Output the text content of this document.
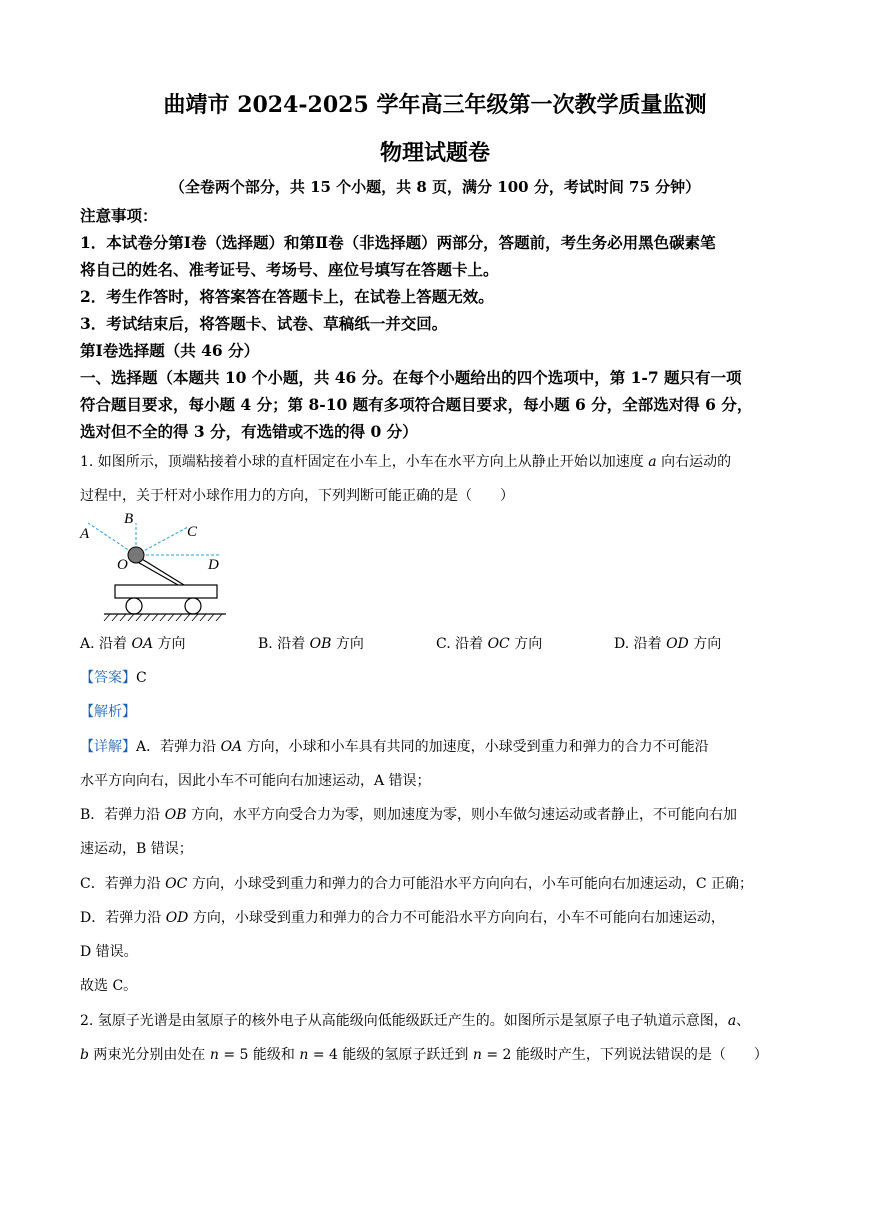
曲靖市 2024-2025 学年高三年级第一次教学质量监测
物理试题卷
（全卷两个部分，共 15 个小题，共 8 页，满分 100 分，考试时间 75 分钟）
注意事项：
1．本试卷分第Ⅰ卷（选择题）和第Ⅱ卷（非选择题）两部分，答题前，考生务必用黑色碳素笔
将自己的姓名、准考证号、考场号、座位号填写在答题卡上。
2．考生作答时，将答案答在答题卡上，在试卷上答题无效。
3．考试结束后，将答题卡、试卷、草稿纸一并交回。
第Ⅰ卷选择题（共 46 分）
一、选择题（本题共 10 个小题，共 46 分。在每个小题给出的四个选项中，第 1-7 题只有一项
符合题目要求，每小题 4 分；第 8-10 题有多项符合题目要求，每小题 6 分，全部选对得 6 分，
选对但不全的得 3 分，有选错或不选的得 0 分）
1. 如图所示，顶端粘接着小球的直杆固定在小车上，小车在水平方向上从静止开始以加速度 a 向右运动的
过程中，关于杆对小球作用力的方向，下列判断可能正确的是（　　）
A
B
C
D
O
A. 沿着 OA 方向	B. 沿着 OB 方向	C. 沿着 OC 方向	D. 沿着 OD 方向
【答案】C
【解析】
【详解】A．若弹力沿 OA 方向，小球和小车具有共同的加速度，小球受到重力和弹力的合力不可能沿
水平方向向右，因此小车不可能向右加速运动，A 错误；
B．若弹力沿 OB 方向，水平方向受合力为零，则加速度为零，则小车做匀速运动或者静止，不可能向右加
速运动，B 错误；
C．若弹力沿 OC 方向，小球受到重力和弹力的合力可能沿水平方向向右，小车可能向右加速运动，C 正确；
D．若弹力沿 OD 方向，小球受到重力和弹力的合力不可能沿水平方向向右，小车不可能向右加速运动，
D 错误。
故选 C。
2. 氢原子光谱是由氢原子的核外电子从高能级向低能级跃迁产生的。如图所示是氢原子电子轨道示意图，a、
b 两束光分别由处在 n = 5 能级和 n = 4 能级的氢原子跃迁到 n = 2 能级时产生，下列说法错误的是（　　）
